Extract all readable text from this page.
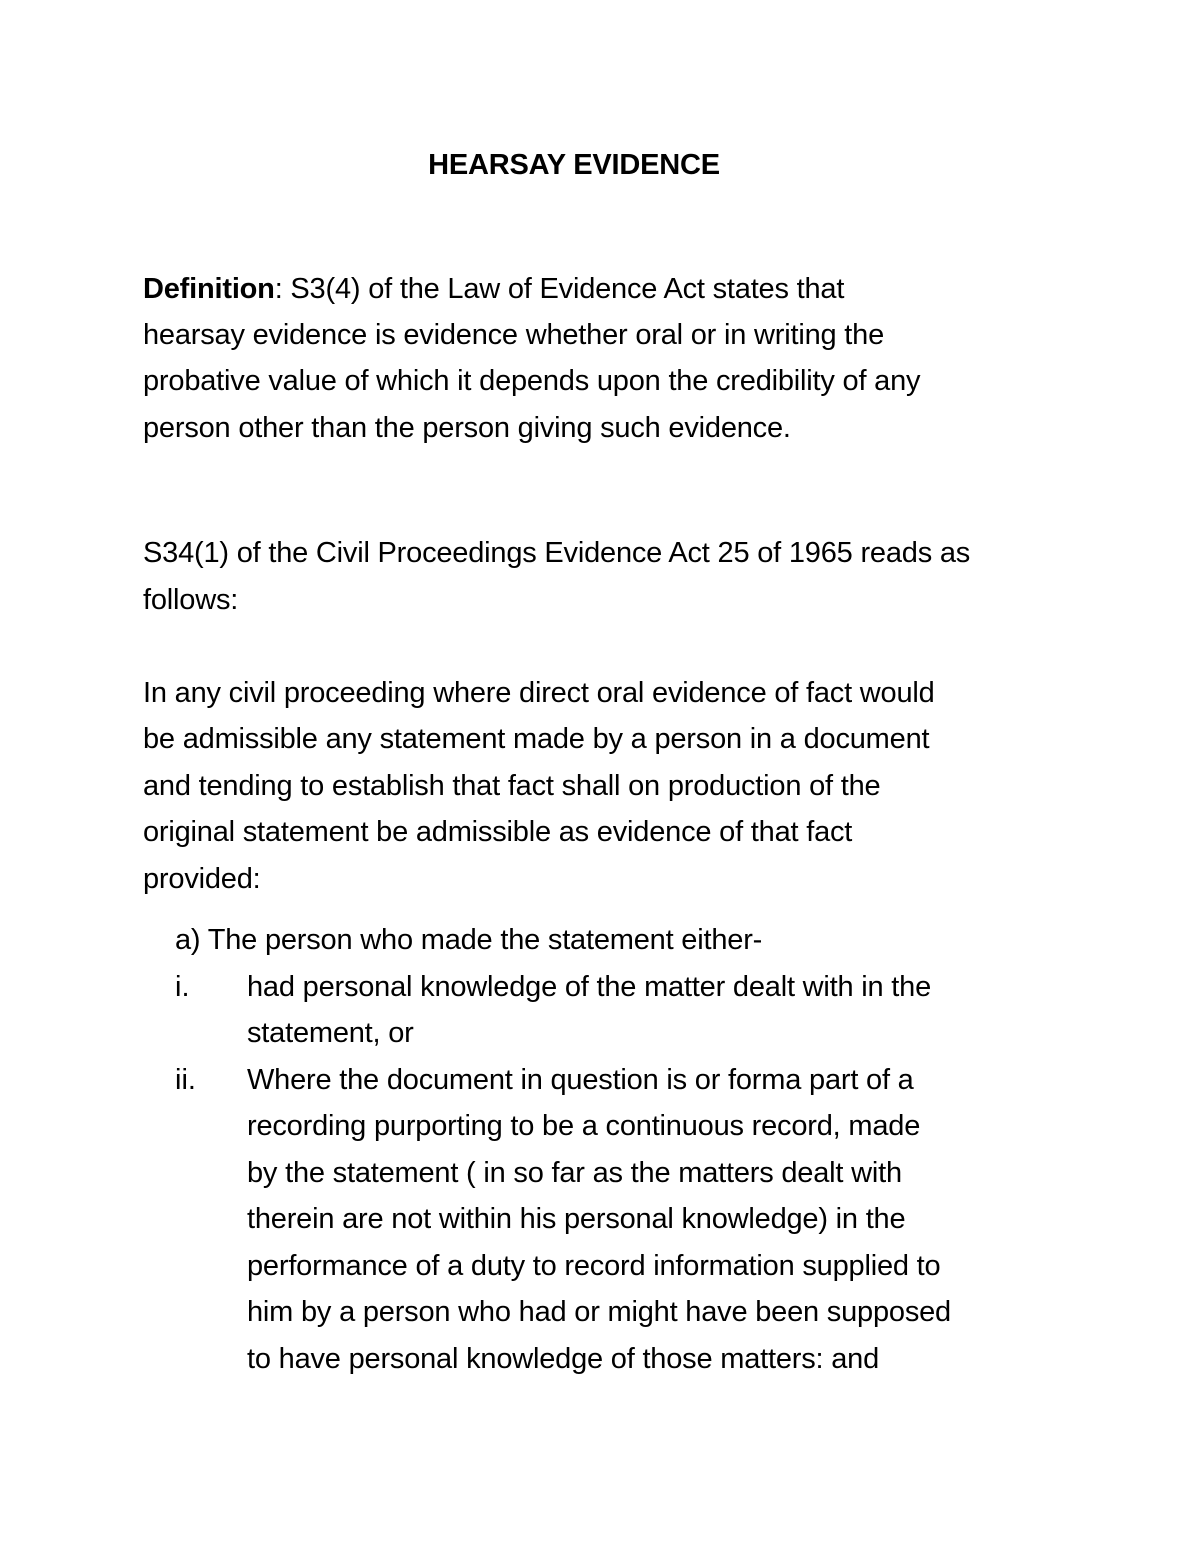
HEARSAY EVIDENCE
Definition: S3(4) of the Law of Evidence Act states that
hearsay evidence is evidence whether oral or in writing the
probative value of which it depends upon the credibility of any
person other than the person giving such evidence.
S34(1) of the Civil Proceedings Evidence Act 25 of 1965 reads as
follows:
In any civil proceeding where direct oral evidence of fact would
be admissible any statement made by a person in a document
and tending to establish that fact shall on production of the
original statement be admissible as evidence of that fact
provided:
a) The person who made the statement either-
i. had personal knowledge of the matter dealt with in the
statement, or
ii. Where the document in question is or forma part of a
recording purporting to be a continuous record, made
by the statement ( in so far as the matters dealt with
therein are not within his personal knowledge) in the
performance of a duty to record information supplied to
him by a person who had or might have been supposed
to have personal knowledge of those matters: and
